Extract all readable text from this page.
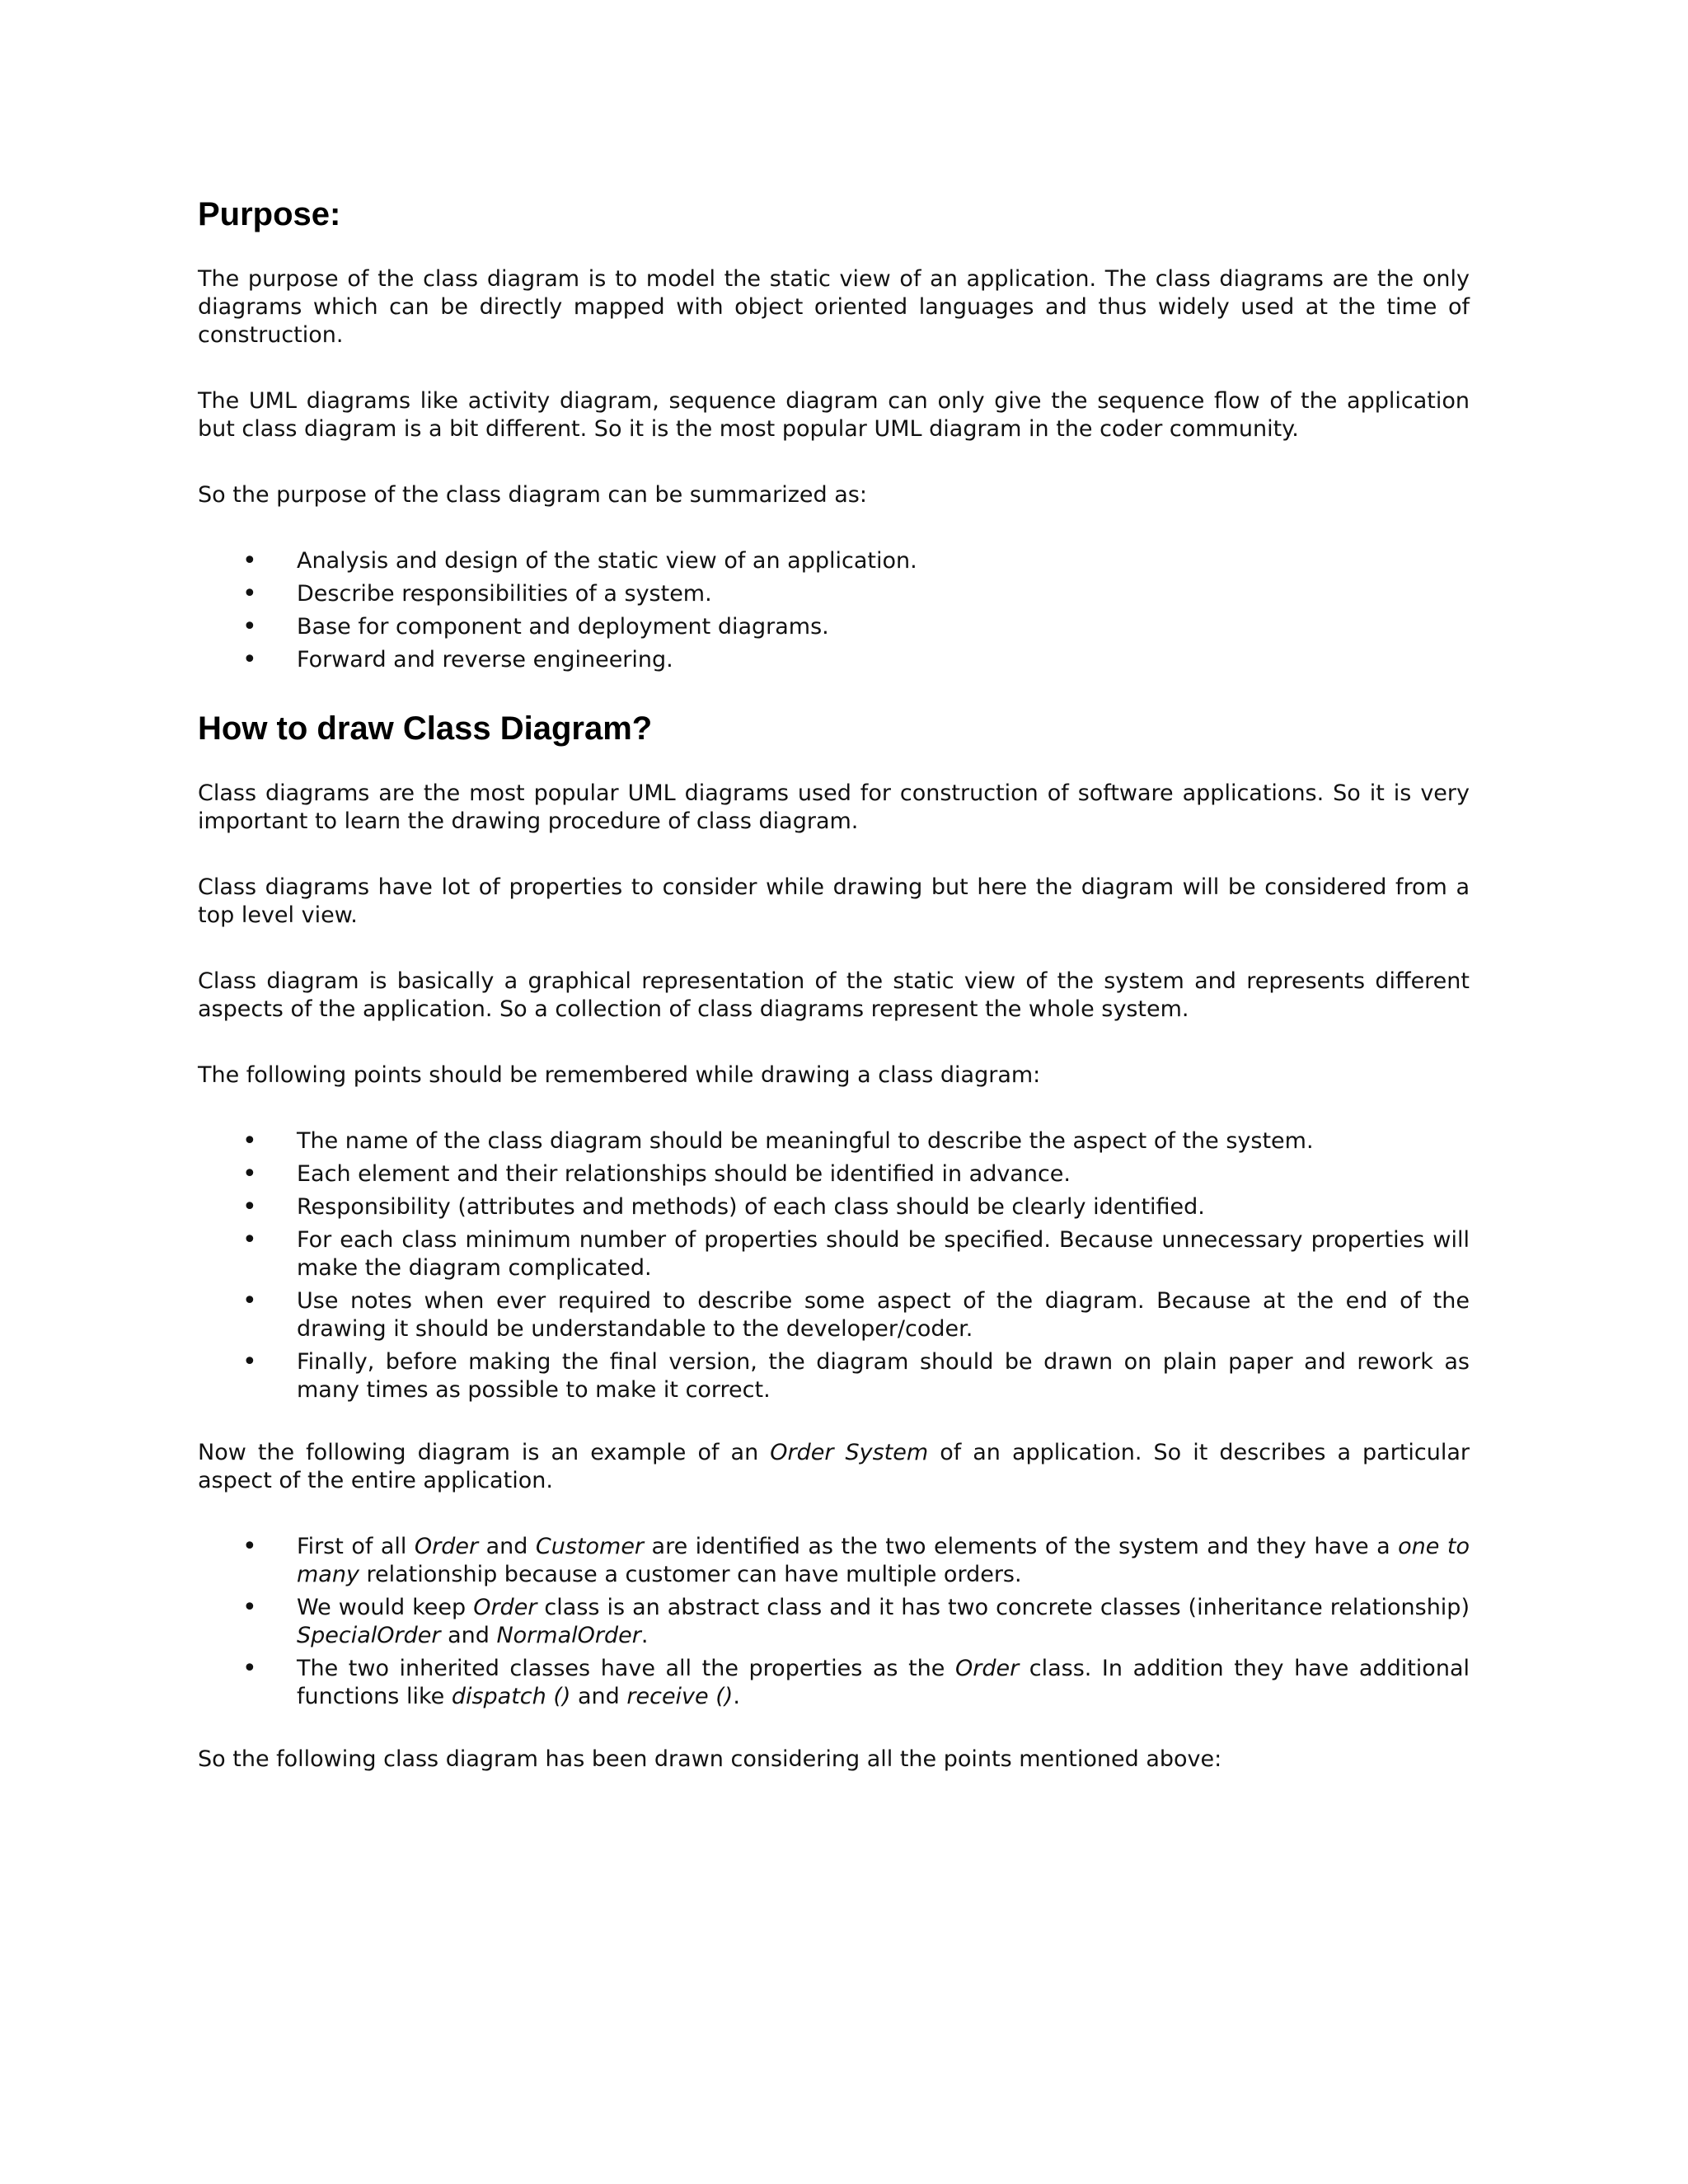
Purpose:

The purpose of the class diagram is to model the static view of an application. The class diagrams are the only diagrams which can be directly mapped with object oriented languages and thus widely used at the time of construction.

The UML diagrams like activity diagram, sequence diagram can only give the sequence flow of the application but class diagram is a bit different. So it is the most popular UML diagram in the coder community.

So the purpose of the class diagram can be summarized as:

• Analysis and design of the static view of an application.
• Describe responsibilities of a system.
• Base for component and deployment diagrams.
• Forward and reverse engineering.
How to draw Class Diagram?

Class diagrams are the most popular UML diagrams used for construction of software applications. So it is very important to learn the drawing procedure of class diagram.

Class diagrams have lot of properties to consider while drawing but here the diagram will be considered from a top level view.

Class diagram is basically a graphical representation of the static view of the system and represents different aspects of the application. So a collection of class diagrams represent the whole system.

The following points should be remembered while drawing a class diagram:

• The name of the class diagram should be meaningful to describe the aspect of the system.
• Each element and their relationships should be identified in advance.
• Responsibility (attributes and methods) of each class should be clearly identified.
• For each class minimum number of properties should be specified. Because unnecessary properties will make the diagram complicated.
• Use notes when ever required to describe some aspect of the diagram. Because at the end of the drawing it should be understandable to the developer/coder.
• Finally, before making the final version, the diagram should be drawn on plain paper and rework as many times as possible to make it correct.

Now the following diagram is an example of an Order System of an application. So it describes a particular aspect of the entire application.

• First of all Order and Customer are identified as the two elements of the system and they have a one to many relationship because a customer can have multiple orders.
• We would keep Order class is an abstract class and it has two concrete classes (inheritance relationship) SpecialOrder and NormalOrder.
• The two inherited classes have all the properties as the Order class. In addition they have additional functions like dispatch () and receive ().

So the following class diagram has been drawn considering all the points mentioned above:
